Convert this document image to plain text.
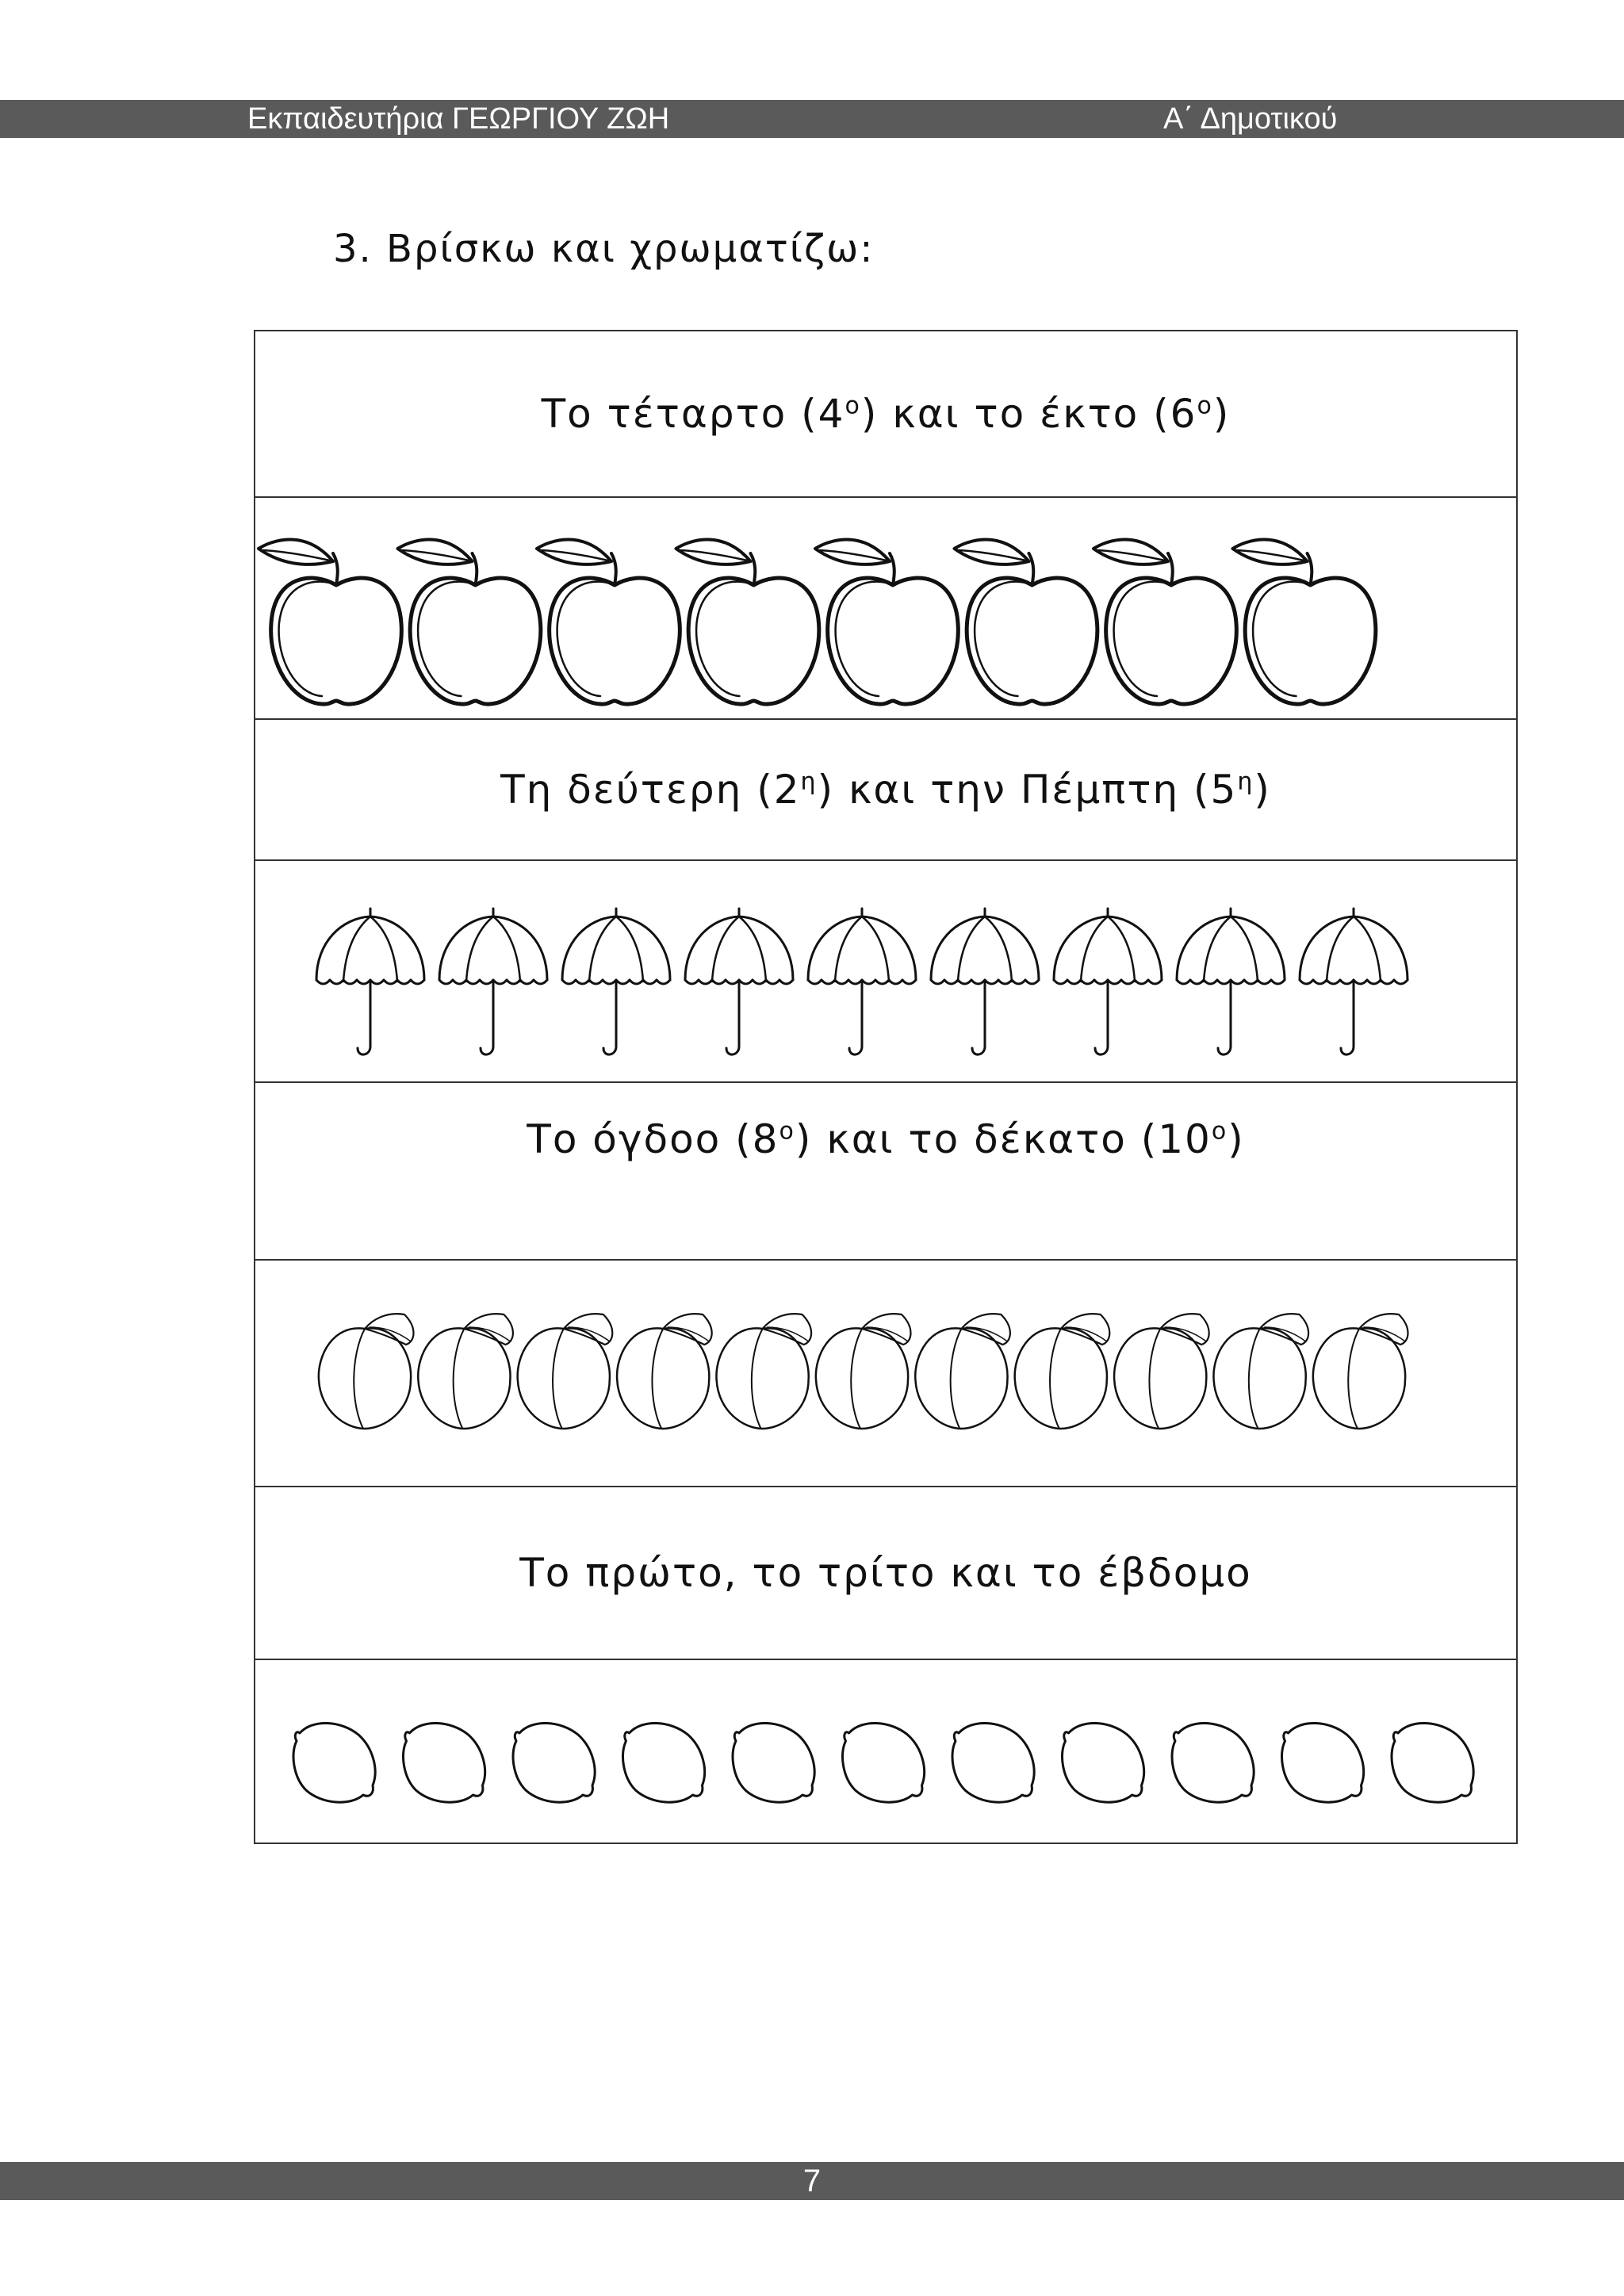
Εκπαιδευτήρια ΓΕΩΡΓΙΟΥ ΖΩΗ	Α΄ Δημοτικού
3. Βρίσκω και χρωματίζω:
Το τέταρτο $(4^o)$ και το έκτο $(6^o)$
Τη δεύτερη $(2^\eta)$ και την Πέμπτη $(5^\eta)$
Το όγδοο $(8^o)$ και το δέκατο $(10^o)$
Το πρώτο, το τρίτο και το έβδομο
7
